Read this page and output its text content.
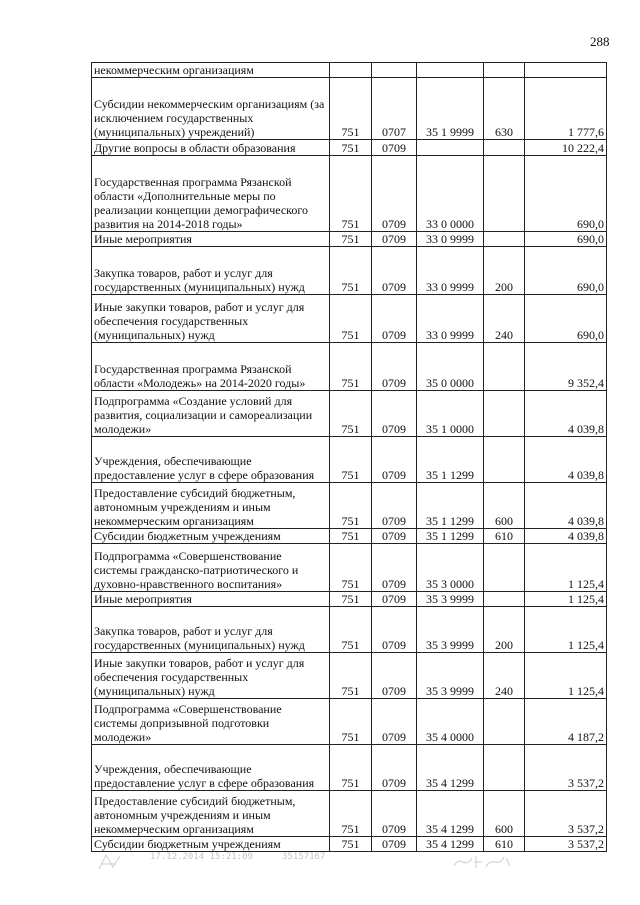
288
некоммерческим организациям					
Субсидии некоммерческим организациям (за исключением государственных (муниципальных) учреждений)	751	0707	35 1 9999	630	1 777,6
Другие вопросы в области образования	751	0709			10 222,4
Государственная программа Рязанской области «Дополнительные меры по реализации концепции демографического развития на 2014-2018 годы»	751	0709	33 0 0000		690,0
Иные мероприятия	751	0709	33 0 9999		690,0
Закупка товаров, работ и услуг для государственных (муниципальных) нужд	751	0709	33 0 9999	200	690,0
Иные закупки товаров, работ и услуг для обеспечения государственных (муниципальных) нужд	751	0709	33 0 9999	240	690,0
Государственная программа Рязанской области «Молодежь» на 2014-2020 годы»	751	0709	35 0 0000		9 352,4
Подпрограмма «Создание условий для развития, социализации и самореализации молодежи»	751	0709	35 1 0000		4 039,8
Учреждения, обеспечивающие предоставление услуг в сфере образования	751	0709	35 1 1299		4 039,8
Предоставление субсидий бюджетным, автономным учреждениям и иным некоммерческим организациям	751	0709	35 1 1299	600	4 039,8
Субсидии бюджетным учреждениям	751	0709	35 1 1299	610	4 039,8
Подпрограмма «Совершенствование системы гражданско-патриотического и духовно-нравственного воспитания»	751	0709	35 3 0000		1 125,4
Иные мероприятия	751	0709	35 3 9999		1 125,4
Закупка товаров, работ и услуг для государственных (муниципальных) нужд	751	0709	35 3 9999	200	1 125,4
Иные закупки товаров, работ и услуг для обеспечения государственных (муниципальных) нужд	751	0709	35 3 9999	240	1 125,4
Подпрограмма «Совершенствование системы допризывной подготовки молодежи»	751	0709	35 4 0000		4 187,2
Учреждения, обеспечивающие предоставление услуг в сфере образования	751	0709	35 4 1299		3 537,2
Предоставление субсидий бюджетным, автономным учреждениям и иным некоммерческим организациям	751	0709	35 4 1299	600	3 537,2
Субсидии бюджетным учреждениям	751	0709	35 4 1299	610	3 537,2
17.12.2014 15:21:09	35157167
